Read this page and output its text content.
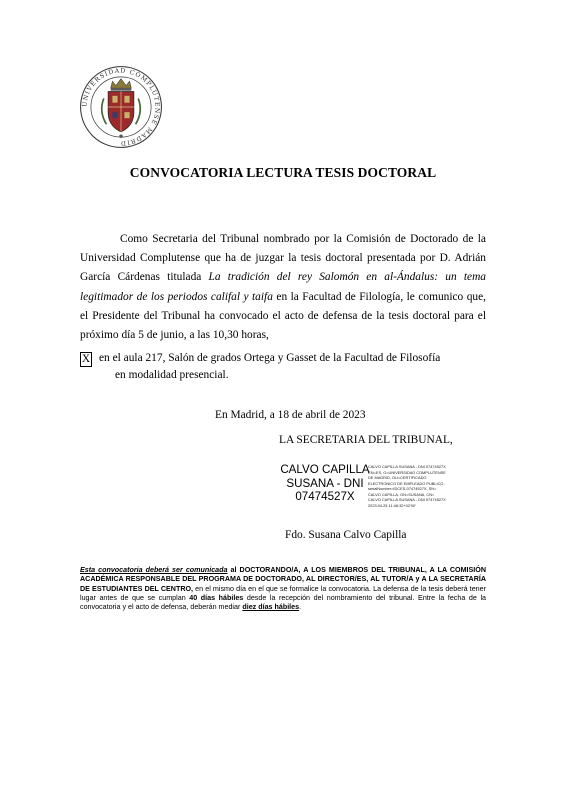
UNIVERSIDAD COMPLUTENSE MADRID
CONVOCATORIA LECTURA TESIS DOCTORAL

Como Secretaria del Tribunal nombrado por la Comisión de Doctorado de la Universidad Complutense que ha de juzgar la tesis doctoral presentada por D. Adrián García Cárdenas titulada La tradición del rey Salomón en al-Ándalus: un tema legitimador de los periodos califal y taifa en la Facultad de Filología, le comunico que, el Presidente del Tribunal ha convocado el acto de defensa de la tesis doctoral para el próximo día 5 de junio, a las 10,30 horas,

X en el aula 217, Salón de grados Ortega y Gasset de la Facultad de Filosofía
en modalidad presencial.
En Madrid, a 18 de abril de 2023
LA SECRETARIA DEL TRIBUNAL,
CALVO CAPILLA
SUSANA - DNI
07474527X
CALVO CAPILLA SUSANA - DNI 07474527X
CN=ES, O=UNIVERSIDAD COMPLUTENSE
DE MADRID, OU=CERTIFICADO
ELECTRONICO DE EMPLEADO PUBLICO,
serialNumber=IDCES-07474527X, SN=
CALVO CAPILLA, GN=SUSANA, CN=
CALVO CAPILLA SUSANA - DNI 07474527X
2023.04.25 11:48:32+02'00'
Fdo. Susana Calvo Capilla
Esta convocatoria deberá ser comunicada al DOCTORANDO/A, A LOS MIEMBROS DEL TRIBUNAL, A LA COMISIÓN ACADÉMICA RESPONSABLE DEL PROGRAMA DE DOCTORADO, AL DIRECTOR/ES, AL TUTOR/A y A LA SECRETARÍA DE ESTUDIANTES DEL CENTRO, en el mismo día en el que se formalice la convocatoria. La defensa de la tesis deberá tener lugar antes de que se cumplan 40 días hábiles desde la recepción del nombramiento del tribunal. Entre la fecha de la convocatoria y el acto de defensa, deberán mediar diez días hábiles.
